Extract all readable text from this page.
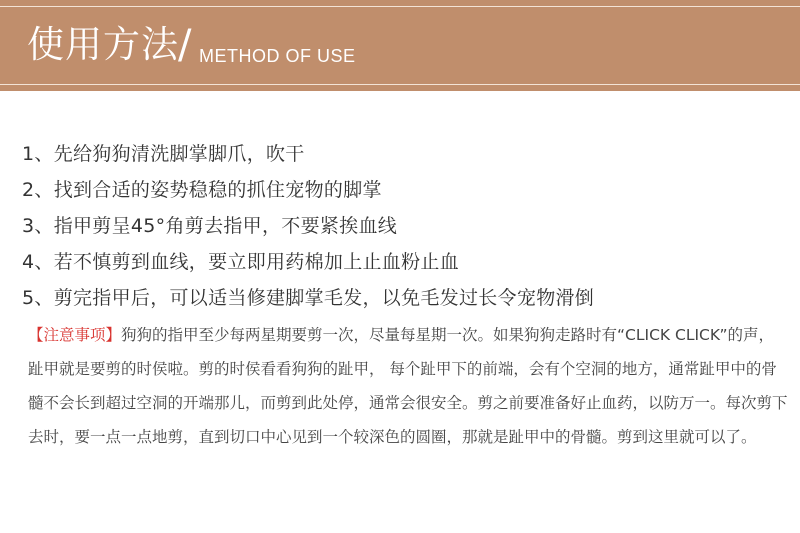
使用方法 / METHOD OF USE
1、先给狗狗清洗脚掌脚爪，吹干
2、找到合适的姿势稳稳的抓住宠物的脚掌
3、指甲剪呈45°角剪去指甲，不要紧挨血线
4、若不慎剪到血线，要立即用药棉加上止血粉止血
5、剪完指甲后，可以适当修建脚掌毛发，以免毛发过长令宠物滑倒

【注意事项】狗狗的指甲至少每两星期要剪一次，尽量每星期一次。如果狗狗走路时有“CLICK CLICK”的声，趾甲就是要剪的时侯啦。剪的时侯看看狗狗的趾甲， 每个趾甲下的前端，会有个空洞的地方，通常趾甲中的骨髓不会长到超过空洞的开端那儿，而剪到此处停，通常会很安全。剪之前要准备好止血药，以防万一。每次剪下去时，要一点一点地剪，直到切口中心见到一个较深色的圆圈，那就是趾甲中的骨髓。剪到这里就可以了。
